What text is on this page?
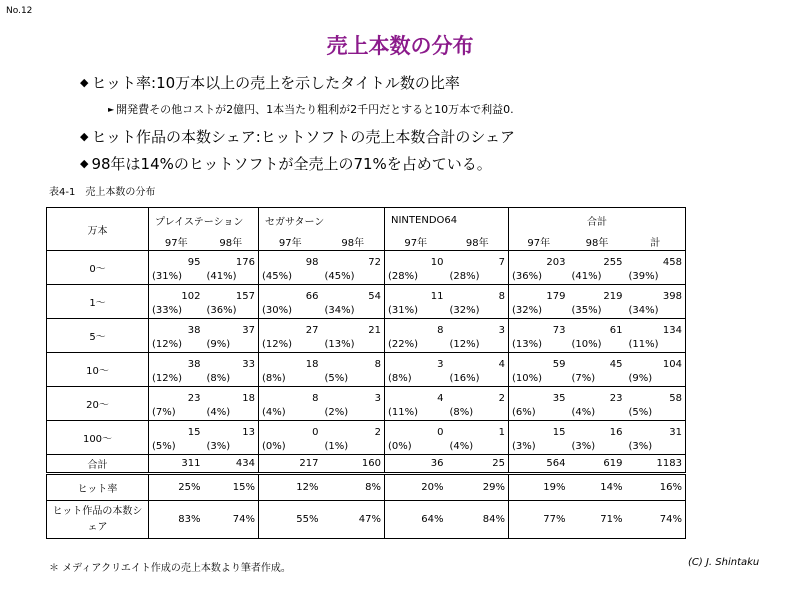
No.12
売上本数の分布
◆ ヒット率:10万本以上の売上を示したタイトル数の比率
► 開発費その他コストが2億円、1本当たり粗利が2千円だとすると10万本で利益0.
◆ ヒット作品の本数シェア:ヒットソフトの売上本数合計のシェア
◆ 98年は14%のヒットソフトが全売上の71%を占めている。
表4-1　売上本数の分布
万本	プレイステーション		セガサターン		NINTENDO64		合計		
	97年	98年	97年	98年	97年	98年	97年	98年	計
0〜	95	176	98	72	10	7	203	255	458
	(31%)	(41%)	(45%)	(45%)	(28%)	(28%)	(36%)	(41%)	(39%)
1〜	102	157	66	54	11	8	179	219	398
	(33%)	(36%)	(30%)	(34%)	(31%)	(32%)	(32%)	(35%)	(34%)
5〜	38	37	27	21	8	3	73	61	134
	(12%)	(9%)	(12%)	(13%)	(22%)	(12%)	(13%)	(10%)	(11%)
10〜	38	33	18	8	3	4	59	45	104
	(12%)	(8%)	(8%)	(5%)	(8%)	(16%)	(10%)	(7%)	(9%)
20〜	23	18	8	3	4	2	35	23	58
	(7%)	(4%)	(4%)	(2%)	(11%)	(8%)	(6%)	(4%)	(5%)
100〜	15	13	0	2	0	1	15	16	31
	(5%)	(3%)	(0%)	(1%)	(0%)	(4%)	(3%)	(3%)	(3%)
合計	311	434	217	160	36	25	564	619	1183
ヒット率	25%	15%	12%	8%	20%	29%	19%	14%	16%
ヒット作品の本数シェア	83%	74%	55%	47%	64%	84%	77%	71%	74%
＊ メディアクリエイト作成の売上本数より筆者作成。
(C) J. Shintaku
